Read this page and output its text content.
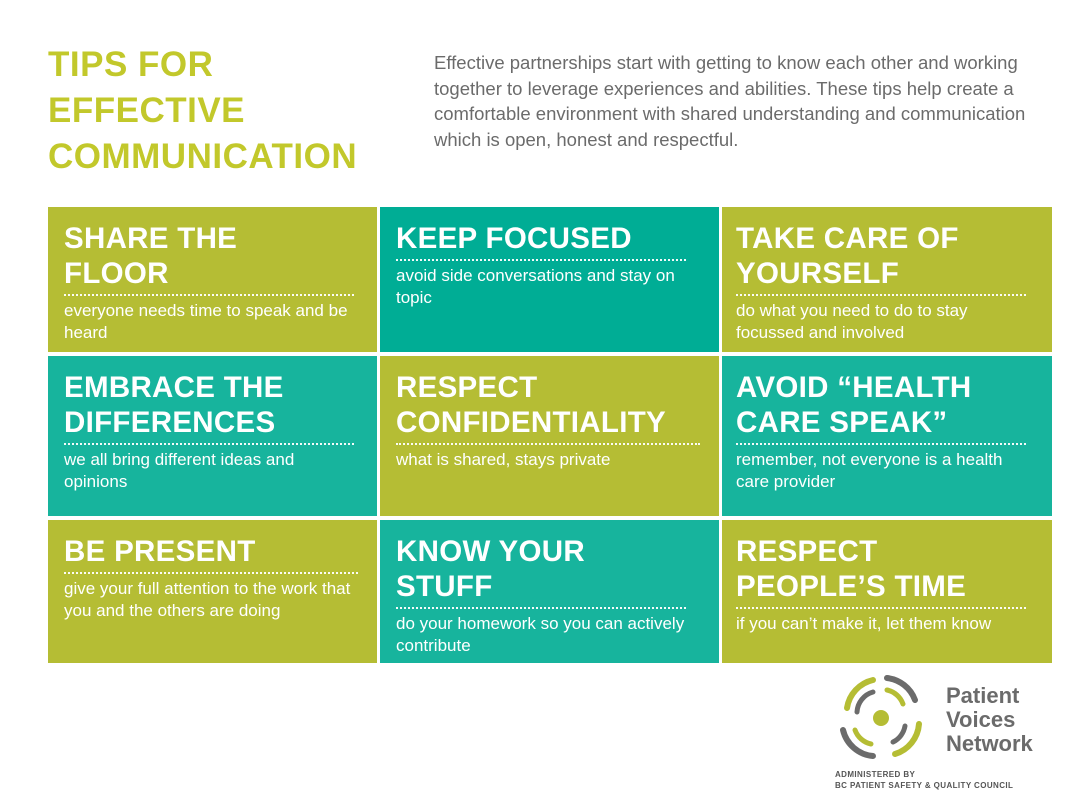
TIPS FOR
EFFECTIVE
COMMUNICATION

Effective partnerships start with getting to know each other and working together to leverage experiences and abilities. These tips help create a comfortable environment with shared understanding and communication which is open, honest and respectful.

SHARE THE
FLOOR

everyone needs time to speak and be heard

KEEP FOCUSED

avoid side conversations and stay on topic

TAKE CARE OF
YOURSELF

do what you need to do to stay focussed and involved

EMBRACE THE
DIFFERENCES

we all bring different ideas and opinions

RESPECT
CONFIDENTIALITY

what is shared, stays private

AVOID “HEALTH
CARE SPEAK”

remember, not everyone is a health care provider

BE PRESENT

give your full attention to the work that you and the others are doing

KNOW YOUR
STUFF

do your homework so you can actively contribute

RESPECT
PEOPLE’S TIME

if you can’t make it, let them know

Patient
Voices
Network

ADMINISTERED BY
BC PATIENT SAFETY & QUALITY COUNCIL
